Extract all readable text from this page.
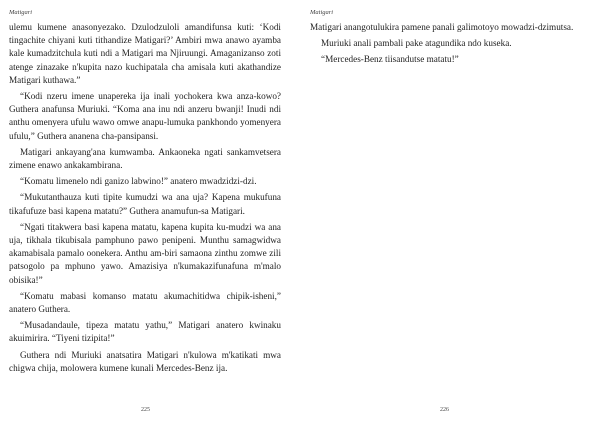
Matigari

ulemu kumene anasonyezako. Dzulodzuloli amandifunsa kuti: ‘Kodi tingachite chiyani kuti tithandize Matigari?’ Ambiri mwa anawo ayamba kale kumadzitchula kuti ndi a Matigari ma Njiruungi. Amaganizanso zoti atenge zinazake n'kupita nazo kuchipatala cha amisala kuti akathandize Matigari kuthawa.”

“Kodi nzeru imene unapereka ija inali yochokera kwa anza-kowo? Guthera anafunsa Muriuki. “Koma ana inu ndi anzeru bwanji! Inudi ndi anthu omenyera ufulu wawo omwe anapu-lumuka pankhondo yomenyera ufulu,” Guthera ananena cha-pansipansi.

Matigari ankayang'ana kumwamba. Ankaoneka ngati sankamvetsera zimene enawo ankakambirana.

“Komatu limenelo ndi ganizo labwino!” anatero mwadzidzi-dzi.

“Mukutanthauza kuti tipite kumudzi wa ana uja? Kapena mukufuna tikafufuze basi kapena matatu?” Guthera anamufun-sa Matigari.

“Ngati titakwera basi kapena matatu, kapena kupita ku-mudzi wa ana uja, tikhala tikubisala pamphuno pawo penipeni. Munthu samagwidwa akamabisala pamalo oonekera. Anthu am-biri samaona zinthu zomwe zili patsogolo pa mphuno yawo. Amazisiya n'kumakazifunafuna m'malo obisika!”

“Komatu mabasi komanso matatu akumachitidwa chipik-isheni,” anatero Guthera.

“Musadandaule, tipeza matatu yathu,” Matigari anatero kwinaku akuimirira. “Tiyeni tizipita!”

Guthera ndi Muriuki anatsatira Matigari n'kulowa m'katikati mwa chigwa chija, molowera kumene kunali Mercedes-Benz ija.

225
Matigari

Matigari anangotulukira pamene panali galimotoyo mowadzi-dzimutsa.

Muriuki anali pambali pake atagundika ndo kuseka.

“Mercedes-Benz tiisandutse matatu!”

226
